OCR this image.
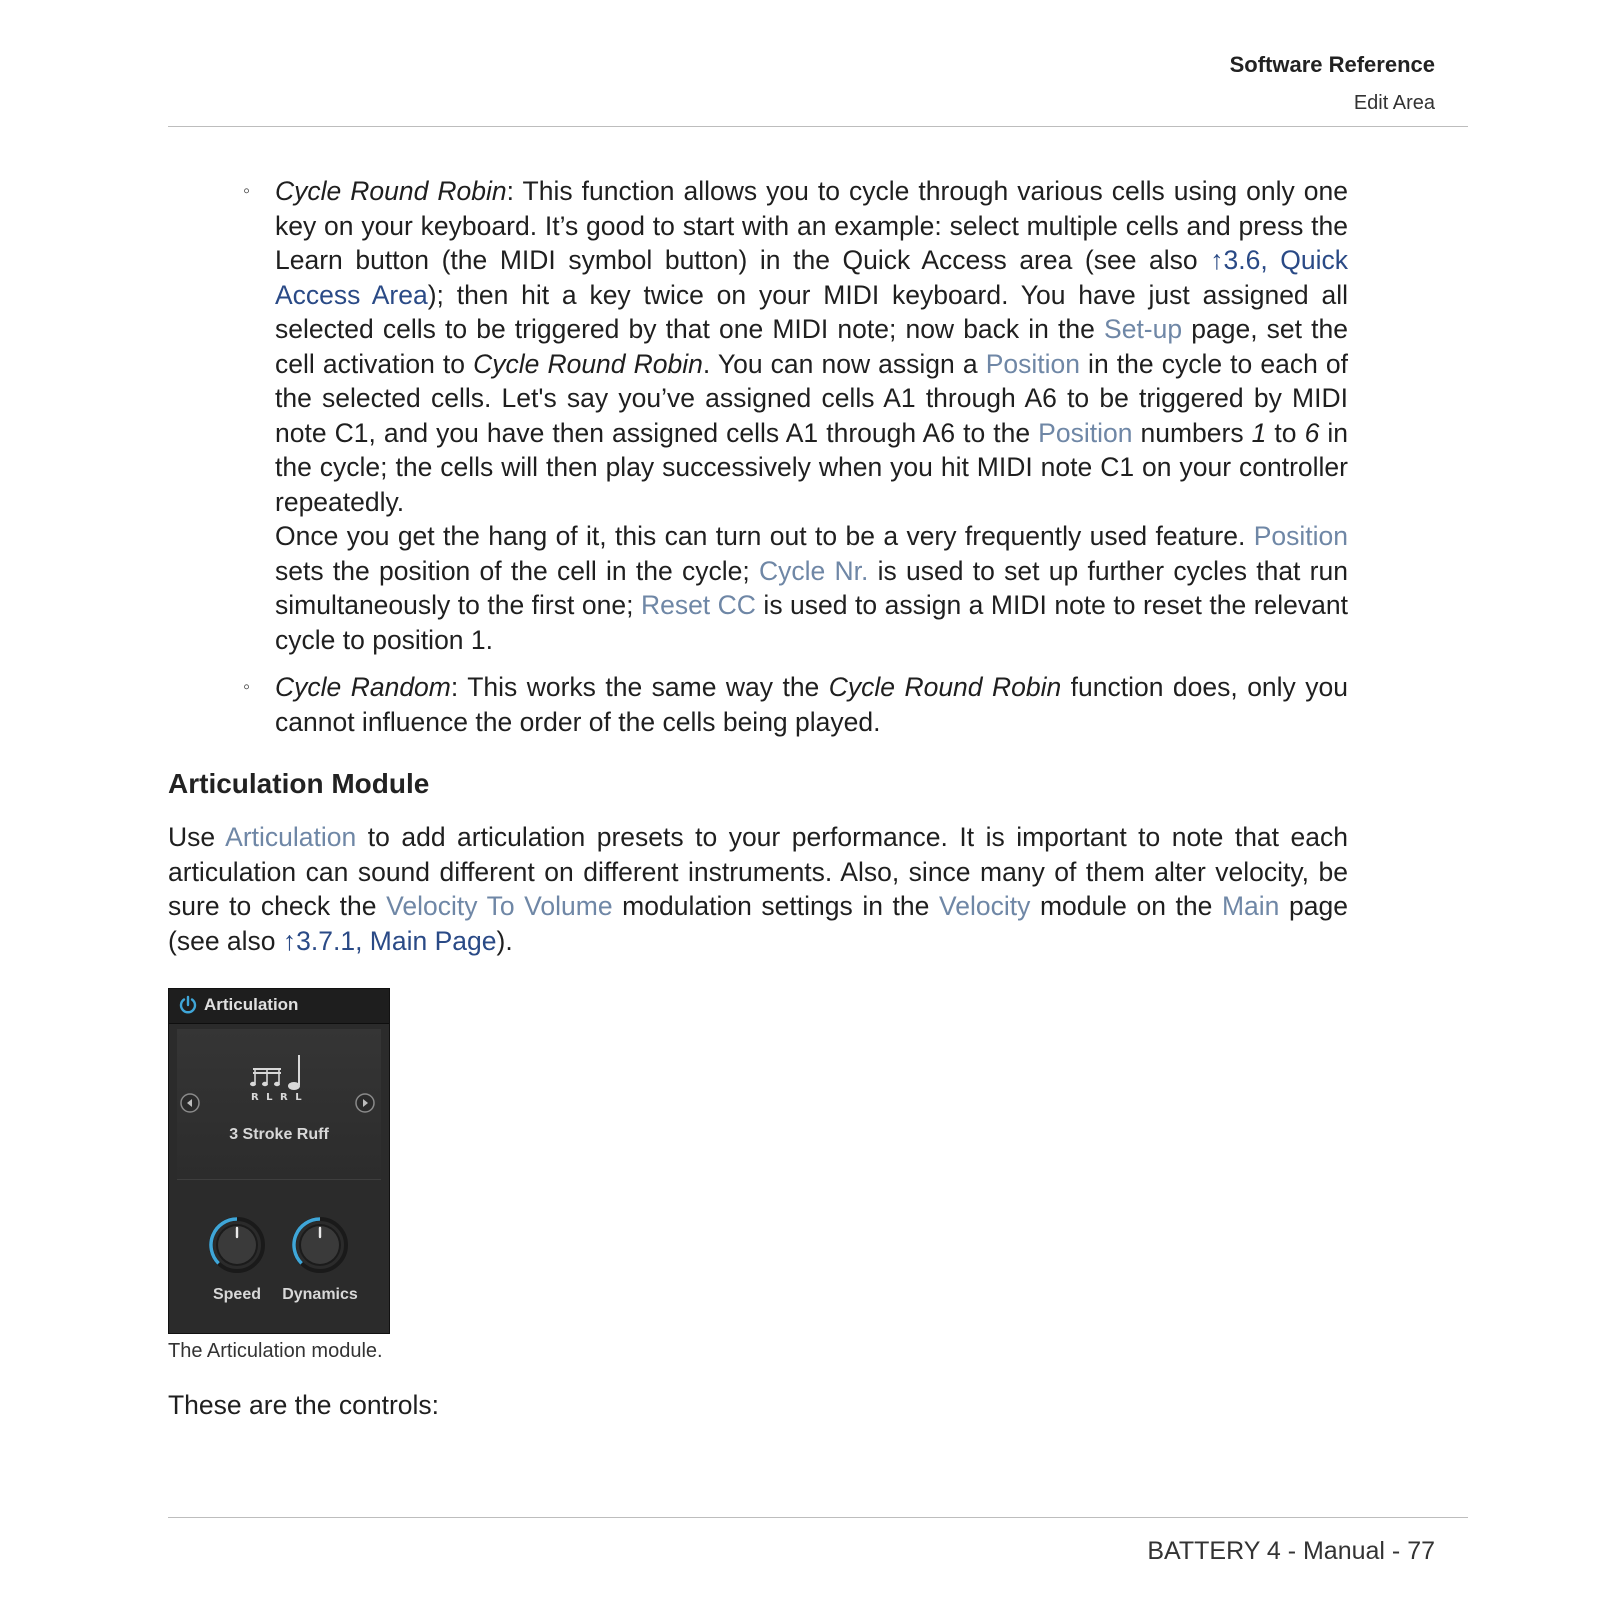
Software Reference
Edit Area
◦ Cycle Round Robin: This function allows you to cycle through various cells using only one key on your keyboard. It’s good to start with an example: select multiple cells and press the Learn button (the MIDI symbol button) in the Quick Access area (see also ↑3.6, Quick Access Area); then hit a key twice on your MIDI keyboard. You have just assigned all selected cells to be triggered by that one MIDI note; now back in the Set-up page, set the cell activation to Cycle Round Robin. You can now assign a Position in the cycle to each of the selected cells. Let's say you’ve assigned cells A1 through A6 to be triggered by MIDI note C1, and you have then assigned cells A1 through A6 to the Position numbers 1 to 6 in the cycle; the cells will then play successively when you hit MIDI note C1 on your controller repeatedly.

Once you get the hang of it, this can turn out to be a very frequently used feature. Position sets the position of the cell in the cycle; Cycle Nr. is used to set up further cycles that run simultaneously to the first one; Reset CC is used to assign a MIDI note to reset the relevant cycle to position 1.

◦ Cycle Random: This works the same way the Cycle Round Robin function does, only you cannot influence the order of the cells being played.

Articulation Module

Use Articulation to add articulation presets to your performance. It is important to note that each articulation can sound different on different instruments. Also, since many of them alter velocity, be sure to check the Velocity To Volume modulation settings in the Velocity module on the Main page (see also ↑3.7.1, Main Page).

Articulation
R L R L
3 Stroke Ruff
Speed	Dynamics
The Articulation module.
These are the controls:
BATTERY 4 - Manual - 77
